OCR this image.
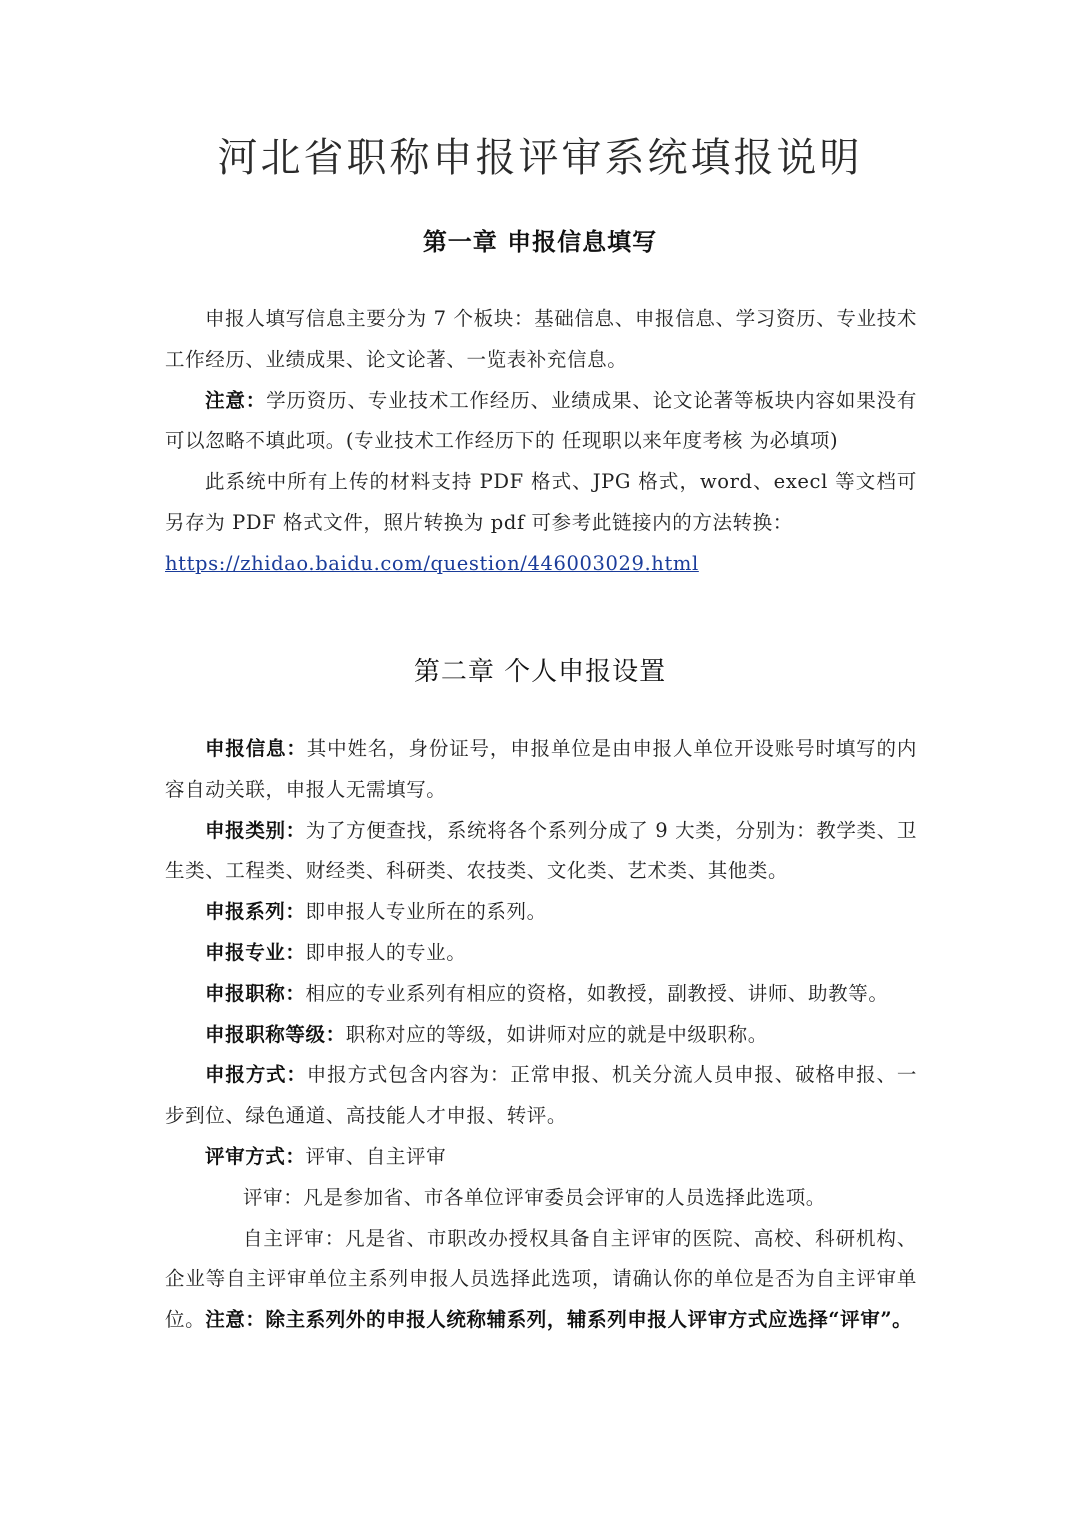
河北省职称申报评审系统填报说明
第一章 申报信息填写

申报人填写信息主要分为 7 个板块：基础信息、申报信息、学习资历、专业技术工作经历、业绩成果、论文论著、一览表补充信息。

注意：学历资历、专业技术工作经历、业绩成果、论文论著等板块内容如果没有可以忽略不填此项。(专业技术工作经历下的 任现职以来年度考核 为必填项)

此系统中所有上传的材料支持 PDF 格式、JPG 格式，word、execl 等文档可另存为 PDF 格式文件，照片转换为 pdf 可参考此链接内的方法转换：

https://zhidao.baidu.com/question/446003029.html

第二章 个人申报设置

申报信息：其中姓名，身份证号，申报单位是由申报人单位开设账号时填写的内容自动关联，申报人无需填写。

申报类别：为了方便查找，系统将各个系列分成了 9 大类，分别为：教学类、卫生类、工程类、财经类、科研类、农技类、文化类、艺术类、其他类。

申报系列：即申报人专业所在的系列。

申报专业：即申报人的专业。

申报职称：相应的专业系列有相应的资格，如教授，副教授、讲师、助教等。

申报职称等级：职称对应的等级，如讲师对应的就是中级职称。

申报方式：申报方式包含内容为：正常申报、机关分流人员申报、破格申报、一步到位、绿色通道、高技能人才申报、转评。

评审方式：评审、自主评审

评审：凡是参加省、市各单位评审委员会评审的人员选择此选项。

自主评审：凡是省、市职改办授权具备自主评审的医院、高校、科研机构、企业等自主评审单位主系列申报人员选择此选项，请确认你的单位是否为自主评审单位。注意：除主系列外的申报人统称辅系列，辅系列申报人评审方式应选择“评审”。
